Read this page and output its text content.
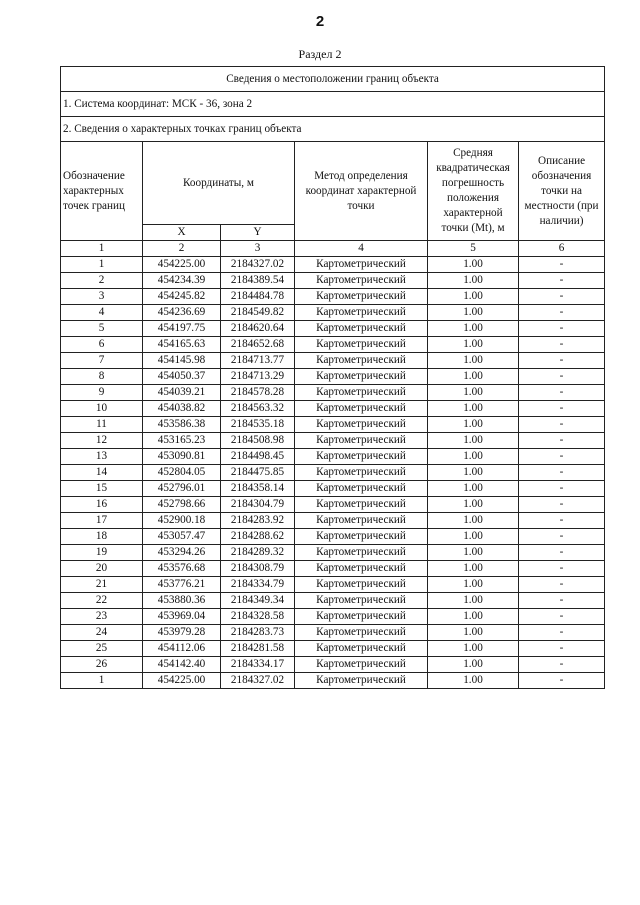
2
Раздел 2
Сведения о местоположении границ объекта					
1. Система координат: МСК - 36, зона 2					
2. Сведения о характерных точках границ объекта					
Обозначение характерных точек границ	Координаты, м		Метод определения координат характерной точки	Средняя квадратическая погрешность положения характерной точки (Mt), м	Описание обозначения точки на местности (при наличии)
	X	Y			
1	2	3	4	5	6
1	454225.00	2184327.02	Картометрический	1.00	-
2	454234.39	2184389.54	Картометрический	1.00	-
3	454245.82	2184484.78	Картометрический	1.00	-
4	454236.69	2184549.82	Картометрический	1.00	-
5	454197.75	2184620.64	Картометрический	1.00	-
6	454165.63	2184652.68	Картометрический	1.00	-
7	454145.98	2184713.77	Картометрический	1.00	-
8	454050.37	2184713.29	Картометрический	1.00	-
9	454039.21	2184578.28	Картометрический	1.00	-
10	454038.82	2184563.32	Картометрический	1.00	-
11	453586.38	2184535.18	Картометрический	1.00	-
12	453165.23	2184508.98	Картометрический	1.00	-
13	453090.81	2184498.45	Картометрический	1.00	-
14	452804.05	2184475.85	Картометрический	1.00	-
15	452796.01	2184358.14	Картометрический	1.00	-
16	452798.66	2184304.79	Картометрический	1.00	-
17	452900.18	2184283.92	Картометрический	1.00	-
18	453057.47	2184288.62	Картометрический	1.00	-
19	453294.26	2184289.32	Картометрический	1.00	-
20	453576.68	2184308.79	Картометрический	1.00	-
21	453776.21	2184334.79	Картометрический	1.00	-
22	453880.36	2184349.34	Картометрический	1.00	-
23	453969.04	2184328.58	Картометрический	1.00	-
24	453979.28	2184283.73	Картометрический	1.00	-
25	454112.06	2184281.58	Картометрический	1.00	-
26	454142.40	2184334.17	Картометрический	1.00	-
1	454225.00	2184327.02	Картометрический	1.00	-
